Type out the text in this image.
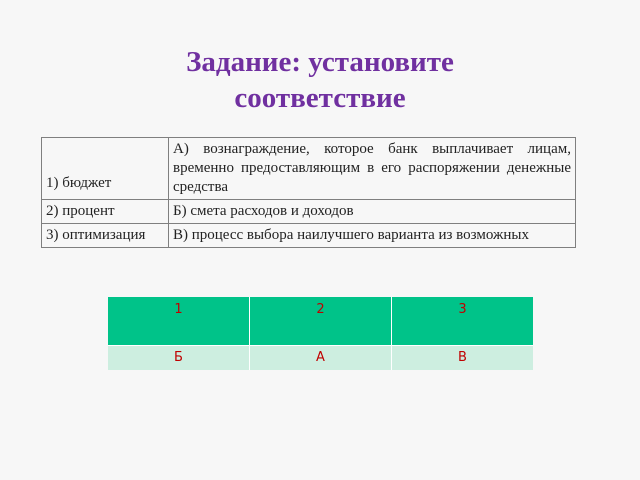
Задание: установите
соответствие
1) бюджет	А) вознаграждение, которое банк выплачивает лицам, временно предоставляющим в его распоряжении денежные средства

2) процент	Б) смета расходов и доходов
3) оптимизация	В) процесс выбора наилучшего варианта из возможных
1	2	3
Б	А	В
